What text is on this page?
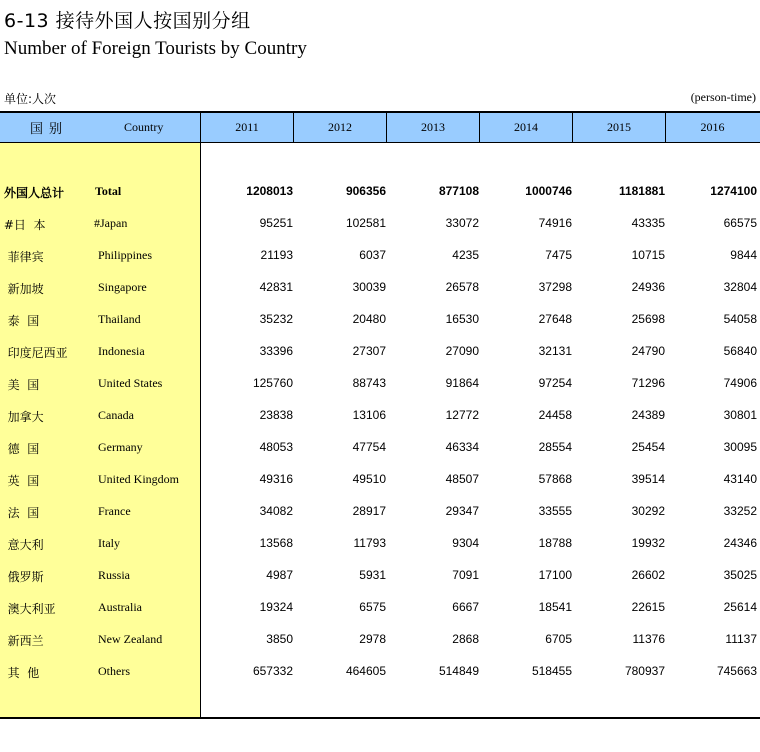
6-13 接待外国人按国别分组
Number of Foreign Tourists by Country
单位:人次	(person-time)
国别	Country	2011	2012	2013	2014	2015	2016
外国人总计	Total	1208013	906356	877108	1000746	1181881	1274100
#日  本	#Japan	95251	102581	33072	74916	43335	66575
菲律宾	Philippines	21193	6037	4235	7475	10715	9844
新加坡	Singapore	42831	30039	26578	37298	24936	32804
泰  国	Thailand	35232	20480	16530	27648	25698	54058
印度尼西亚	Indonesia	33396	27307	27090	32131	24790	56840
美  国	United States	125760	88743	91864	97254	71296	74906
加拿大	Canada	23838	13106	12772	24458	24389	30801
德  国	Germany	48053	47754	46334	28554	25454	30095
英  国	United Kingdom	49316	49510	48507	57868	39514	43140
法  国	France	34082	28917	29347	33555	30292	33252
意大利	Italy	13568	11793	9304	18788	19932	24346
俄罗斯	Russia	4987	5931	7091	17100	26602	35025
澳大利亚	Australia	19324	6575	6667	18541	22615	25614
新西兰	New Zealand	3850	2978	2868	6705	11376	11137
其  他	Others	657332	464605	514849	518455	780937	745663
